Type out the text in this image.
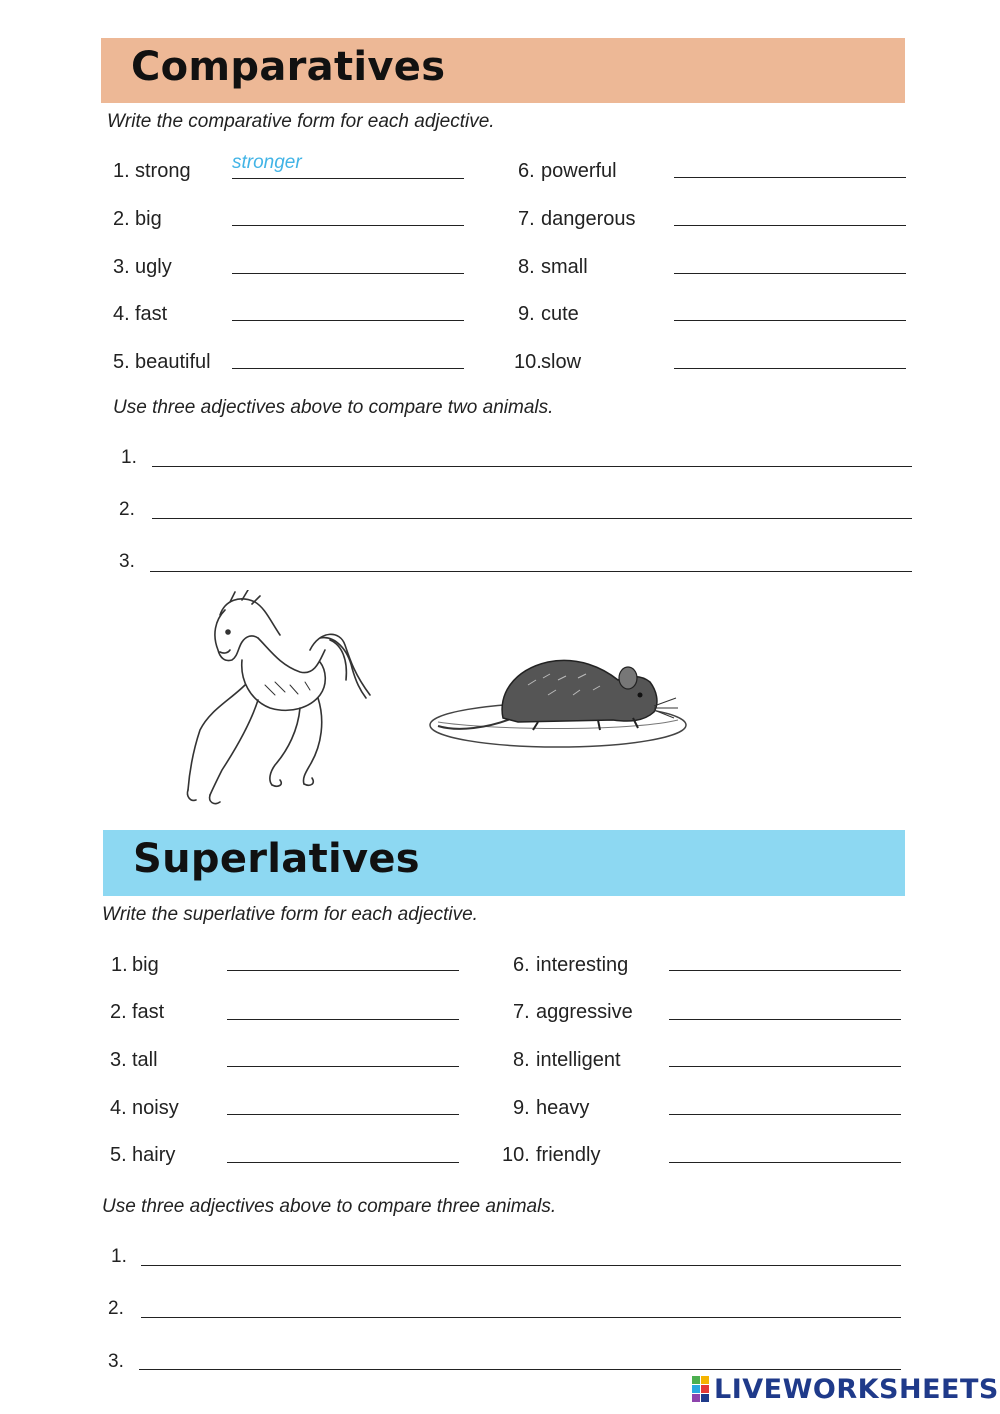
Comparatives
Write the comparative form for each adjective.
1. strong stronger
2. big
3. ugly
4. fast
5. beautiful
6. powerful
7. dangerous
8. small
9. cute
10. slow
Use three adjectives above to compare two animals.
1.
2.
3.
Superlatives
Write the superlative form for each adjective.
1. big
2. fast
3. tall
4. noisy
5. hairy
6. interesting
7. aggressive
8. intelligent
9. heavy
10. friendly
Use three adjectives above to compare three animals.
1.
2.
3.
LIVEWORKSHEETS
